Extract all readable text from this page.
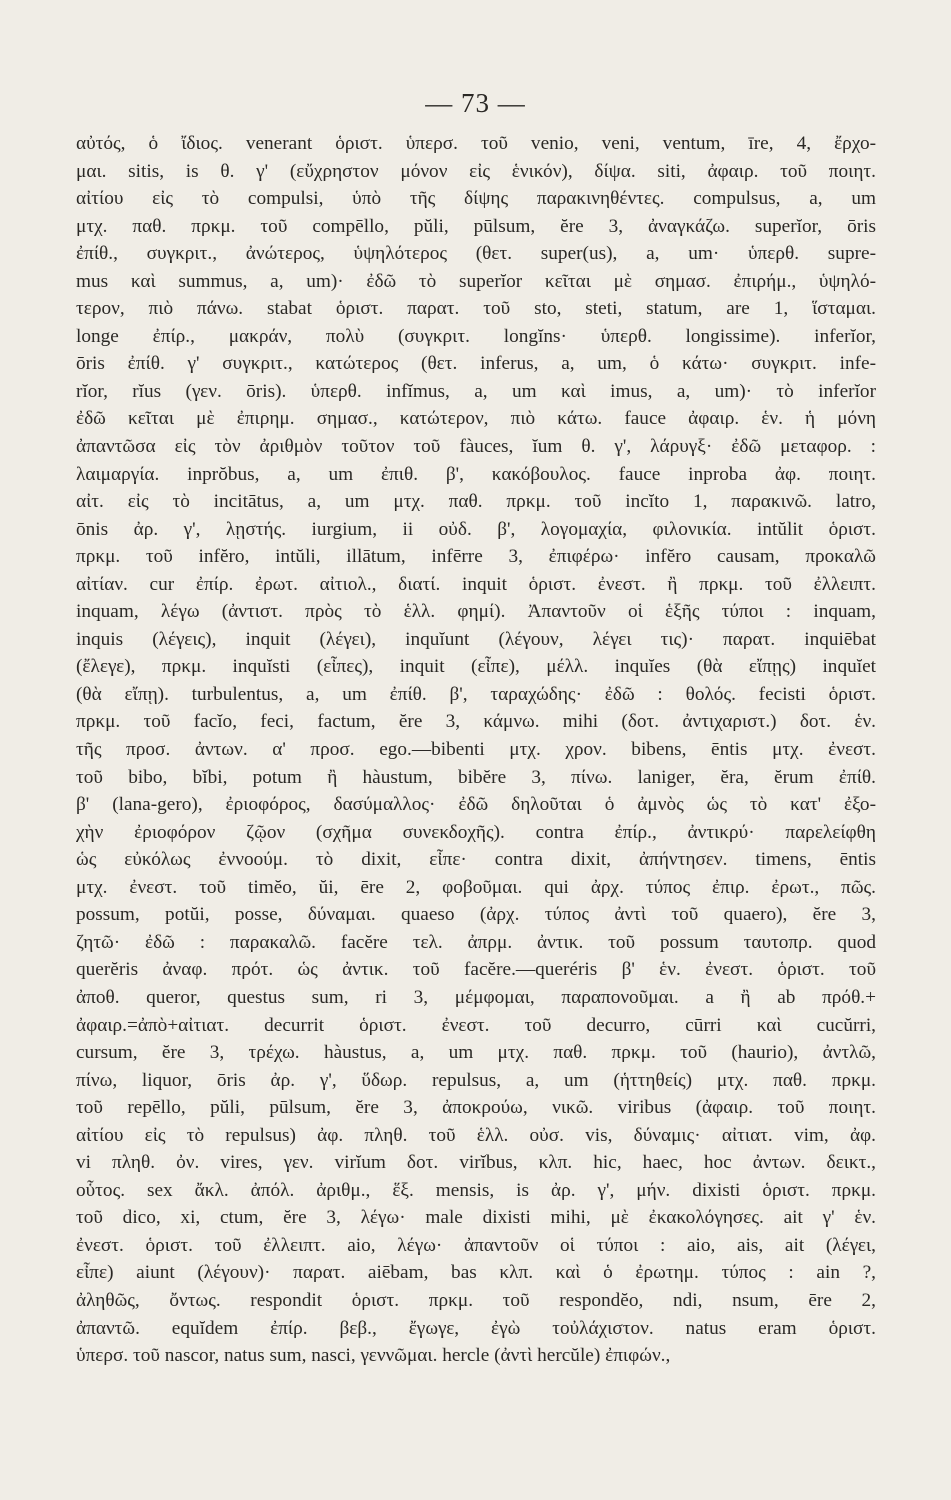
— 73 —
αὐτός, ὁ ἴδιος. venerant ὁριστ. ὑπερσ. τοῦ venio, veni, ventum, īre, 4, ἔρχο-
μαι. sitis, is θ. γ' (εὔχρηστον μόνον εἰς ἑνικόν), δίψα. siti, ἀφαιρ. τοῦ ποιητ.
αἰτίου εἰς τὸ compulsi, ὑπὸ τῆς δίψης παρακινηθέντες. compulsus, a, um
μτχ. παθ. πρκμ. τοῦ compēllo, pŭli, pūlsum, ĕre 3, ἀναγκάζω. superĭor, ōris
ἐπίθ., συγκριτ., ἀνώτερος, ὑψηλότερος (θετ. super(us), a, um· ὑπερθ. supre-
mus καὶ summus, a, um)· ἐδῶ τὸ superĭor κεῖται μὲ σημασ. ἐπιρήμ., ὑψηλό-
τερον, πιὸ πάνω. stabat ὁριστ. παρατ. τοῦ sto, steti, statum, are 1, ἵσταμαι.
longe ἐπίρ., μακράν, πολὺ (συγκριτ. longĭns· ὑπερθ. longissime). inferĭor,
ōris ἐπίθ. γ' συγκριτ., κατώτερος (θετ. inferus, a, um, ὁ κάτω· συγκριτ. infe-
rĭor, rĭus (γεν. ōris). ὑπερθ. infĭmus, a, um καὶ imus, a, um)· τὸ inferĭor
ἐδῶ κεῖται μὲ ἐπιρημ. σημασ., κατώτερον, πιὸ κάτω. fauce ἀφαιρ. ἑν. ἡ μόνη
ἀπαντῶσα εἰς τὸν ἀριθμὸν τοῦτον τοῦ fàuces, ĭum θ. γ', λάρυγξ· ἐδῶ μεταφορ. :
λαιμαργία. inprŏbus, a, um ἐπιθ. β', κακόβουλος. fauce inproba ἀφ. ποιητ.
αἰτ. εἰς τὸ incitātus, a, um μτχ. παθ. πρκμ. τοῦ incĭto 1, παρακινῶ. latro,
ōnis ἀρ. γ', λῃστής. iurgium, ii οὐδ. β', λογομαχία, φιλονικία. intŭlit ὁριστ.
πρκμ. τοῦ infĕro, intŭli, illātum, infērre 3, ἐπιφέρω· infĕro causam, προκαλῶ
αἰτίαν. cur ἐπίρ. ἐρωτ. αἰτιολ., διατί. inquit ὁριστ. ἐνεστ. ἢ πρκμ. τοῦ ἐλλειπτ.
inquam, λέγω (ἀντιστ. πρὸς τὸ ἑλλ. φημί). Ἀπαντοῦν οἱ ἑξῆς τύποι : inquam,
inquis (λέγεις), inquit (λέγει), inquĭunt (λέγουν, λέγει τις)· παρατ. inquiēbat
(ἔλεγε), πρκμ. inquĭsti (εἶπες), inquit (εἶπε), μέλλ. inquĭes (θὰ εἴπῃς) inquĭet
(θὰ εἴπῃ). turbulentus, a, um ἐπίθ. β', ταραχώδης· ἐδῶ : θολός. fecisti ὁριστ.
πρκμ. τοῦ facĭo, feci, factum, ĕre 3, κάμνω. mihi (δοτ. ἀντιχαριστ.) δοτ. ἑν.
τῆς προσ. ἀντων. α' προσ. ego.—bibenti μτχ. χρον. bibens, ēntis μτχ. ἐνεστ.
τοῦ bibo, bĭbi, potum ἢ hàustum, bibĕre 3, πίνω. laniger, ĕra, ĕrum ἐπίθ.
β' (lana-gero), ἐριοφόρος, δασύμαλλος· ἐδῶ δηλοῦται ὁ ἀμνὸς ὡς τὸ κατ' ἐξο-
χὴν ἐριοφόρον ζῷον (σχῆμα συνεκδοχῆς). contra ἐπίρ., ἀντικρύ· παρελείφθη
ὡς εὐκόλως ἐννοούμ. τὸ dixit, εἶπε· contra dixit, ἀπήντησεν. timens, ēntis
μτχ. ἐνεστ. τοῦ timĕo, ŭi, ēre 2, φοβοῦμαι. qui ἀρχ. τύπος ἐπιρ. ἐρωτ., πῶς.
possum, potŭi, posse, δύναμαι. quaeso (ἀρχ. τύπος ἀντὶ τοῦ quaero), ĕre 3,
ζητῶ· ἐδῶ : παρακαλῶ. facĕre τελ. ἀπρμ. ἀντικ. τοῦ possum ταυτοπρ. quod
querĕris ἀναφ. πρότ. ὡς ἀντικ. τοῦ facĕre.—queréris β' ἑν. ἐνεστ. ὁριστ. τοῦ
ἀποθ. queror, questus sum, ri 3, μέμφομαι, παραπονοῦμαι. a ἢ ab πρόθ.+
ἀφαιρ.=ἀπὸ+αἰτιατ. decurrit ὁριστ. ἐνεστ. τοῦ decurro, cūrri καὶ cucŭrri,
cursum, ĕre 3, τρέχω. hàustus, a, um μτχ. παθ. πρκμ. τοῦ (haurio), ἀντλῶ,
πίνω, liquor, ōris ἀρ. γ', ὕδωρ. repulsus, a, um (ἡττηθείς) μτχ. παθ. πρκμ.
τοῦ repēllo, pŭli, pūlsum, ĕre 3, ἀποκρούω, νικῶ. viribus (ἀφαιρ. τοῦ ποιητ.
αἰτίου εἰς τὸ repulsus) ἀφ. πληθ. τοῦ ἑλλ. οὐσ. vis, δύναμις· αἰτιατ. vim, ἀφ.
vi πληθ. ὀν. vires, γεν. virĭum δοτ. virĭbus, κλπ. hic, haec, hoc ἀντων. δεικτ.,
οὗτος. sex ἄκλ. ἀπόλ. ἀριθμ., ἕξ. mensis, is ἀρ. γ', μήν. dixisti ὁριστ. πρκμ.
τοῦ dico, xi, ctum, ĕre 3, λέγω· male dixisti mihi, μὲ ἐκακολόγησες. ait γ' ἑν.
ἐνεστ. ὁριστ. τοῦ ἐλλειπτ. aio, λέγω· ἀπαντοῦν οἱ τύποι : aio, ais, ait (λέγει,
εἶπε) aiunt (λέγουν)· παρατ. aiēbam, bas κλπ. καὶ ὁ ἐρωτημ. τύπος : ain ?,
ἀληθῶς, ὄντως. respondit ὁριστ. πρκμ. τοῦ respondĕo, ndi, nsum, ēre 2,
ἀπαντῶ. equĭdem ἐπίρ. βεβ., ἔγωγε, ἐγὼ τοὐλάχιστον. natus eram ὁριστ.
ὑπερσ. τοῦ nascor, natus sum, nasci, γεννῶμαι. hercle (ἀντὶ hercŭle) ἐπιφών.,
